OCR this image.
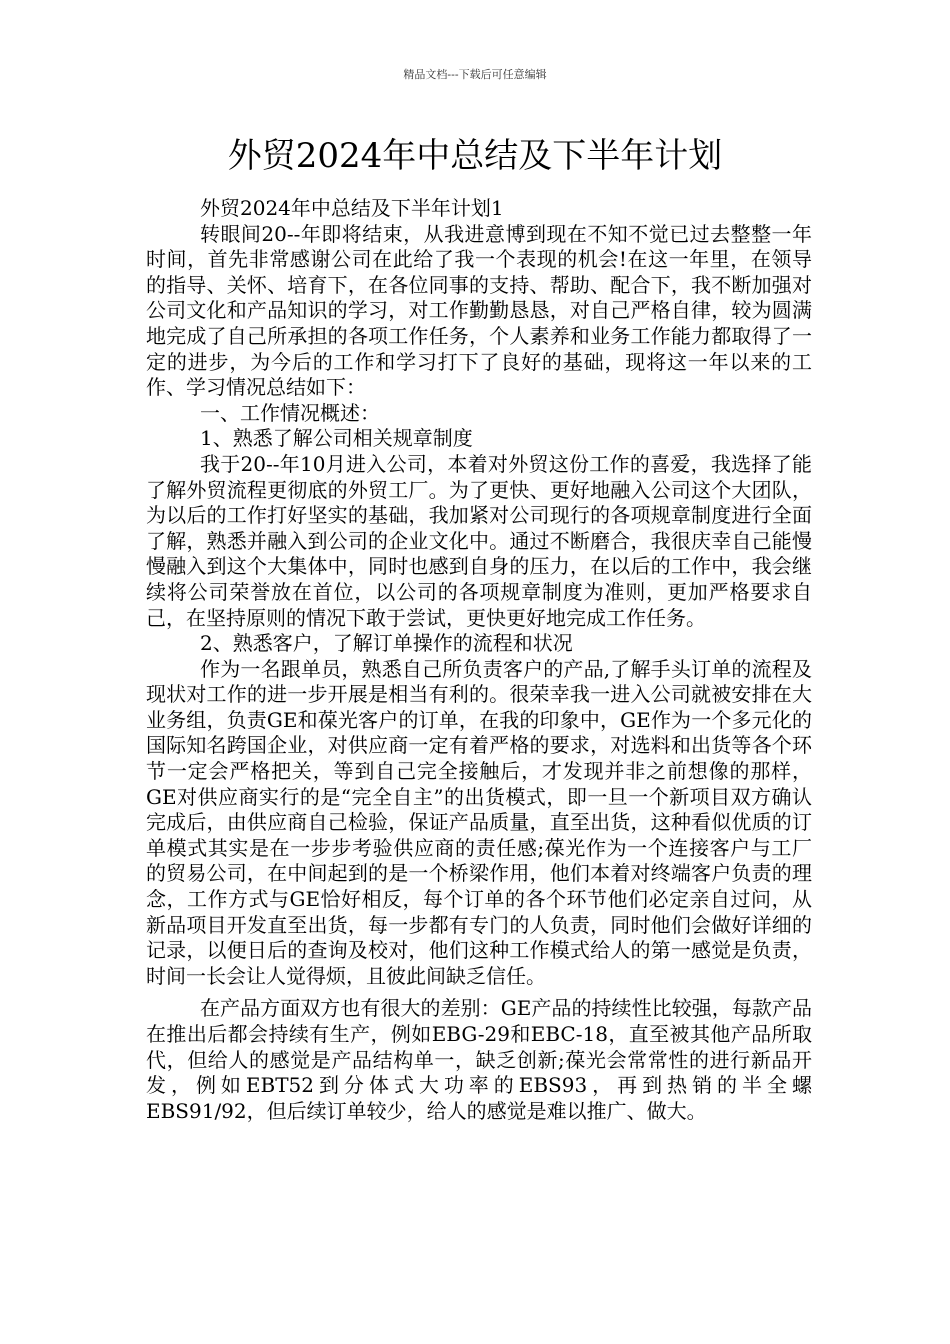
精品文档---下载后可任意编辑
外贸2024年中总结及下半年计划

外贸2024年中总结及下半年计划1

转眼间20--年即将结束，从我进意博到现在不知不觉已过去整整一年时间，首先非常感谢公司在此给了我一个表现的机会!在这一年里，在领导的指导、关怀、培育下，在各位同事的支持、帮助、配合下，我不断加强对公司文化和产品知识的学习，对工作勤勤恳恳，对自己严格自律，较为圆满地完成了自己所承担的各项工作任务，个人素养和业务工作能力都取得了一定的进步，为今后的工作和学习打下了良好的基础，现将这一年以来的工作、学习情况总结如下：

一、工作情况概述：

1、熟悉了解公司相关规章制度

我于20--年10月进入公司，本着对外贸这份工作的喜爱，我选择了能了解外贸流程更彻底的外贸工厂。为了更快、更好地融入公司这个大团队，为以后的工作打好坚实的基础，我加紧对公司现行的各项规章制度进行全面了解，熟悉并融入到公司的企业文化中。通过不断磨合，我很庆幸自己能慢慢融入到这个大集体中，同时也感到自身的压力，在以后的工作中，我会继续将公司荣誉放在首位，以公司的各项规章制度为准则，更加严格要求自己，在坚持原则的情况下敢于尝试，更快更好地完成工作任务。

2、熟悉客户，了解订单操作的流程和状况

作为一名跟单员，熟悉自己所负责客户的产品,了解手头订单的流程及现状对工作的进一步开展是相当有利的。很荣幸我一进入公司就被安排在大业务组，负责GE和葆光客户的订单，在我的印象中，GE作为一个多元化的国际知名跨国企业，对供应商一定有着严格的要求，对选料和出货等各个环节一定会严格把关，等到自己完全接触后，才发现并非之前想像的那样，GE对供应商实行的是“完全自主”的出货模式，即一旦一个新项目双方确认完成后，由供应商自己检验，保证产品质量，直至出货，这种看似优质的订单模式其实是在一步步考验供应商的责任感;葆光作为一个连接客户与工厂的贸易公司，在中间起到的是一个桥梁作用，他们本着对终端客户负责的理念，工作方式与GE恰好相反，每个订单的各个环节他们必定亲自过问，从新品项目开发直至出货，每一步都有专门的人负责，同时他们会做好详细的记录，以便日后的查询及校对，他们这种工作模式给人的第一感觉是负责，时间一长会让人觉得烦，且彼此间缺乏信任。

在产品方面双方也有很大的差别：GE产品的持续性比较强，每款产品在推出后都会持续有生产，例如EBG-29和EBC-18，直至被其他产品所取代，但给人的感觉是产品结构单一，缺乏创新;葆光会常常性的进行新品开发，例如EBT52到分体式大功率的EBS93，再到热销的半全螺EBS91/92，但后续订单较少，给人的感觉是难以推广、做大。
